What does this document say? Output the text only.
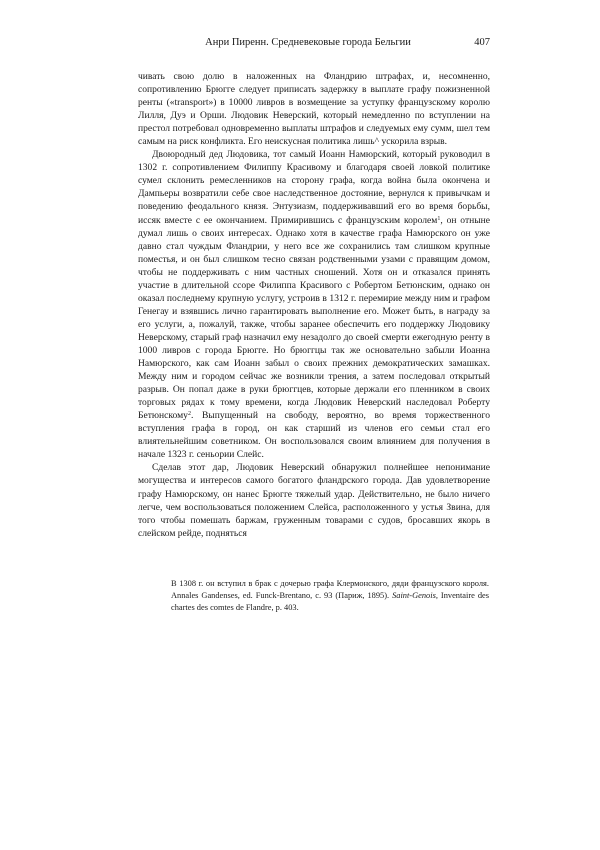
Анри Пиренн. Средневековые города Бельгии	407

чивать свою долю в наложенных на Фландрию штрафах, и, несомненно, сопротивлению Брюгге следует приписать задержку в выплате графу пожизненной ренты («transport») в 10000 ливров в возмещение за уступку французскому королю Лилля, Дуэ и Орши. Людовик Неверский, который немедленно по вступлении на престол потребовал одновременно выплаты штрафов и следуемых ему сумм, шел тем самым на риск конфликта. Его неискусная политика лишь^ ускорила взрыв.

Двоюродный дед Людовика, тот самый Иоанн Намюрский, который руководил в 1302 г. сопротивлением Филиппу Красивому и благодаря своей ловкой политике сумел склонить ремесленников на сторону графа, когда война была окончена и Дампьеры возвратили себе свое наследственное достояние, вернулся к привычкам и поведению феодального князя. Энтузиазм, поддерживавший его во время борьбы, иссяк вместе с ее окончанием. Примирившись с французским королем$^1$, он отныне думал лишь о своих интересах. Однако хотя в качестве графа Намюрского он уже давно стал чуждым Фландрии, у него все же сохранились там слишком крупные поместья, и он был слишком тесно связан родственными узами с правящим домом, чтобы не поддерживать с ним частных сношений. Хотя он и отказался принять участие в длительной ссоре Филиппа Красивого с Робертом Бетюнским, однако он оказал последнему крупную услугу, устроив в 1312 г. перемирие между ним и графом Генегау и взявшись лично гарантировать выполнение его. Может быть, в награду за его услуги, а, пожалуй, также, чтобы заранее обеспечить его поддержку Людовику Неверскому, старый граф назначил ему незадолго до своей смерти ежегодную ренту в 1000 ливров с города Брюгге. Но брюггцы так же основательно забыли Иоанна Намюрского, как сам Иоанн забыл о своих прежних демократических замашках. Между ним и городом сейчас же возникли трения, а затем последовал открытый разрыв. Он попал даже в руки брюггцев, которые держали его пленником в своих торговых рядах к тому времени, когда Людовик Неверский наследовал Роберту Бетюнскому$^2$. Выпущенный на свободу, вероятно, во время торжественного вступления графа в город, он как старший из членов его семьи стал его влиятельнейшим советником. Он воспользовался своим влиянием для получения в начале 1323 г. сеньории Слейс.

Сделав этот дар, Людовик Неверский обнаружил полнейшее непонимание могущества и интересов самого богатого фландрского города. Дав удовлетворение графу Намюрскому, он нанес Брюгге тяжелый удар. Действительно, не было ничего легче, чем воспользоваться положением Слейса, расположенного у устья Звина, для того чтобы помешать баржам, груженным товарами с судов, бросавших якорь в слейском рейде, подняться

В 1308 г. он вступил в брак с дочерью графа Клермонского, дяди французского короля. Annales Gandenses, ed. Funck-Brentano, с. 93 (Париж, 1895). Saint-Genois, Inventaire des chartes des comtes de Flandre, p. 403.
